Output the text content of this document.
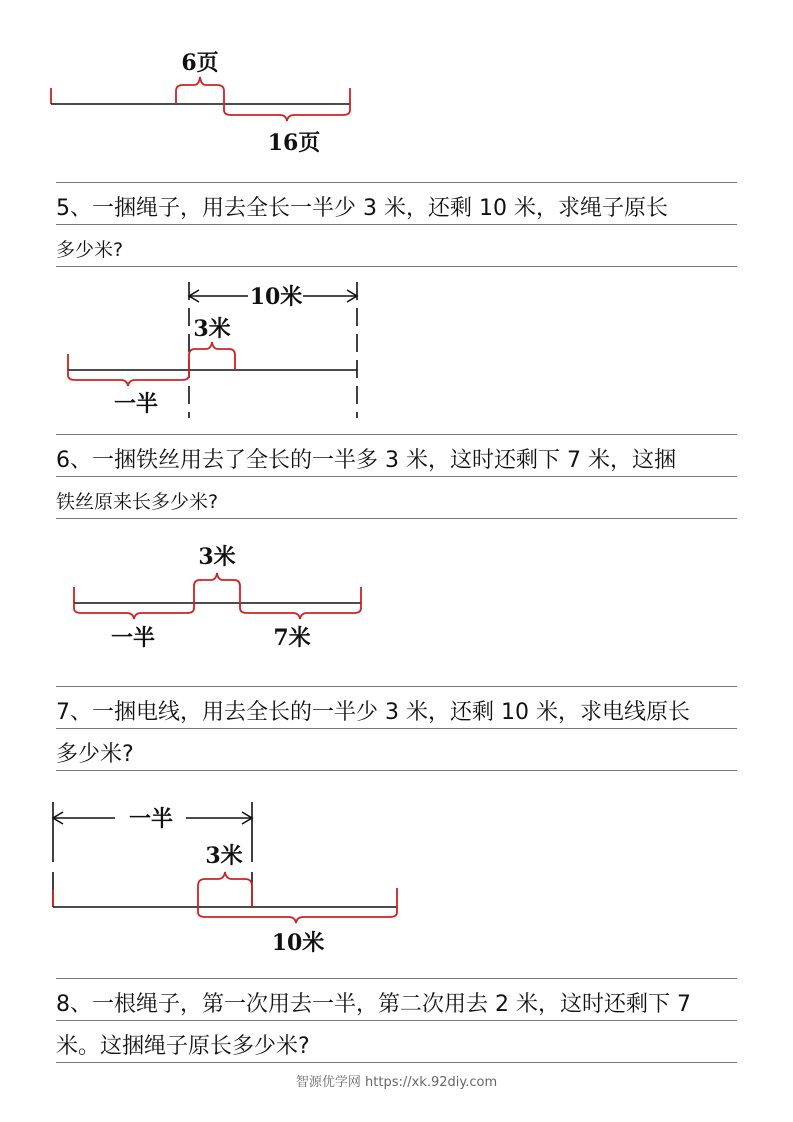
6页
16页
5、一捆绳子，用去全长一半少 3 米，还剩 10 米，求绳子原长
多少米?
10米
3米
一半
6、一捆铁丝用去了全长的一半多 3 米，这时还剩下 7 米，这捆
铁丝原来长多少米?
3米
一半	7米
7、一捆电线，用去全长的一半少 3 米，还剩 10 米，求电线原长
多少米?
一半
3米
10米
8、一根绳子，第一次用去一半，第二次用去 2 米，这时还剩下 7
米。这捆绳子原长多少米?
智源优学网 https://xk.92diy.com
